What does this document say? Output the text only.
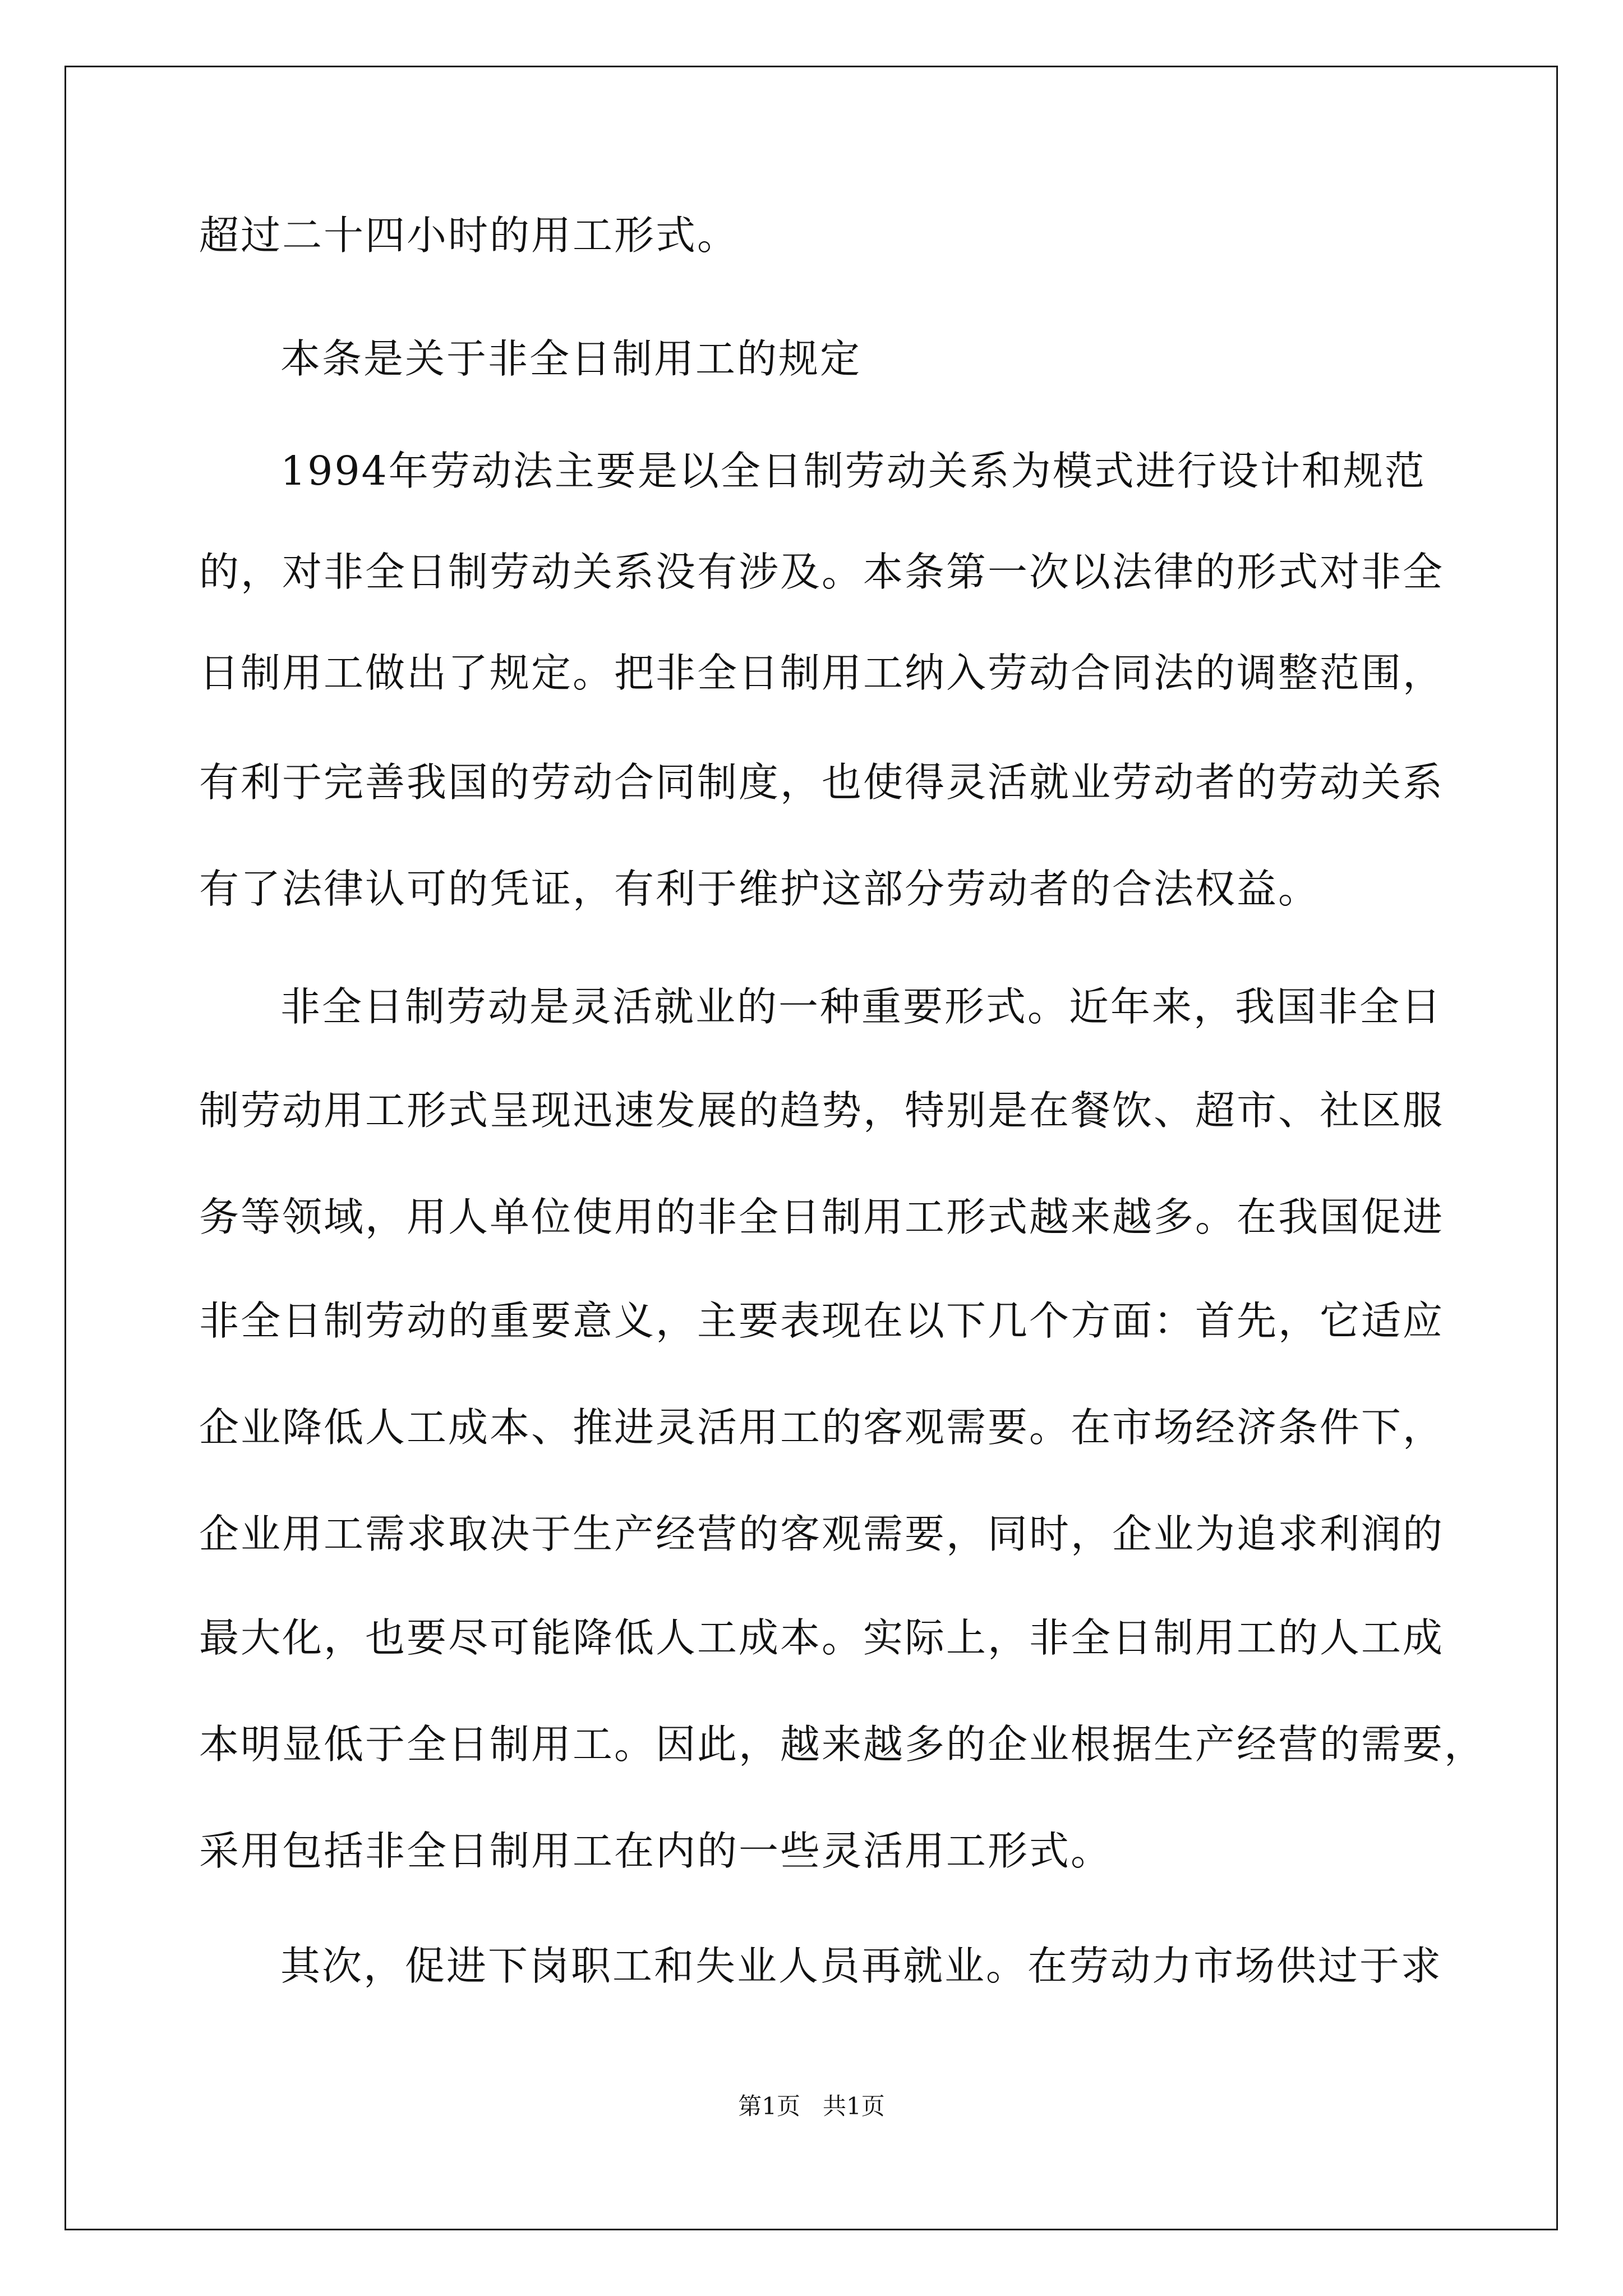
超过二十四小时的用工形式。

本条是关于非全日制用工的规定

1994年劳动法主要是以全日制劳动关系为模式进行设计和规范

的，对非全日制劳动关系没有涉及。本条第一次以法律的形式对非全

日制用工做出了规定。把非全日制用工纳入劳动合同法的调整范围，

有利于完善我国的劳动合同制度，也使得灵活就业劳动者的劳动关系

有了法律认可的凭证，有利于维护这部分劳动者的合法权益。

非全日制劳动是灵活就业的一种重要形式。近年来，我国非全日

制劳动用工形式呈现迅速发展的趋势，特别是在餐饮、超市、社区服

务等领域，用人单位使用的非全日制用工形式越来越多。在我国促进

非全日制劳动的重要意义，主要表现在以下几个方面：首先，它适应

企业降低人工成本、推进灵活用工的客观需要。在市场经济条件下，

企业用工需求取决于生产经营的客观需要，同时，企业为追求利润的

最大化，也要尽可能降低人工成本。实际上，非全日制用工的人工成

本明显低于全日制用工。因此，越来越多的企业根据生产经营的需要，

采用包括非全日制用工在内的一些灵活用工形式。

其次，促进下岗职工和失业人员再就业。在劳动力市场供过于求

第1页   共1页
